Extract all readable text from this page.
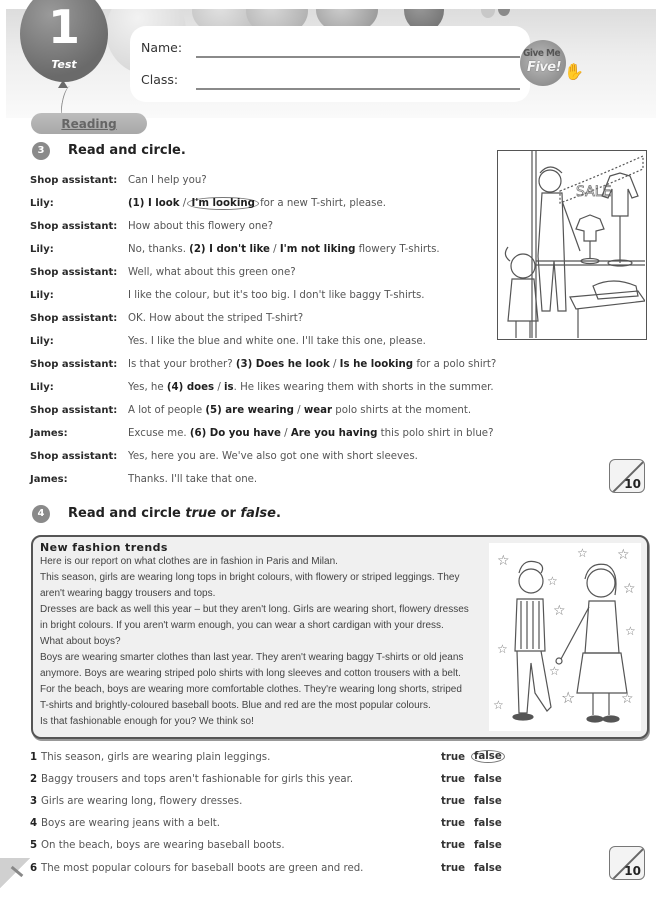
1
Test
Name:
Class:
Give Me
Five! ✋
Reading
3	Read and circle.
Shop assistant: Can I help you?
Lily:	(1) I look / I'm looking for a new T-shirt, please.
Shop assistant: How about this flowery one?
Lily:	No, thanks. (2) I don't like / I'm not liking flowery T-shirts.
Shop assistant: Well, what about this green one?
Lily:	I like the colour, but it's too big. I don't like baggy T-shirts.
Shop assistant: OK. How about the striped T-shirt?
Lily:	Yes. I like the blue and white one. I'll take this one, please.
Shop assistant: Is that your brother? (3) Does he look / Is he looking for a polo shirt?
Lily:	Yes, he (4) does / is. He likes wearing them with shorts in the summer.
Shop assistant: A lot of people (5) are wearing / wear polo shirts at the moment.
James:	Excuse me. (6) Do you have / Are you having this polo shirt in blue?
Shop assistant: Yes, here you are. We've also got one with short sleeves.
James:	Thanks. I'll take that one.
SALE
10
4	Read and circle true or false.
New fashion trends
Here is our report on what clothes are in fashion in Paris and Milan.
This season, girls are wearing long tops in bright colours, with flowery or striped leggings. They
aren't wearing baggy trousers and tops.
Dresses are back as well this year – but they aren't long. Girls are wearing short, flowery dresses
in bright colours. If you aren't warm enough, you can wear a short cardigan with your dress.
What about boys?
Boys are wearing smarter clothes than last year. They aren't wearing baggy T-shirts or old jeans
anymore. Boys are wearing striped polo shirts with long sleeves and cotton trousers with a belt.
For the beach, boys are wearing more comfortable clothes. They're wearing long shorts, striped
T-shirts and brightly-coloured baseball boots. Blue and red are the most popular colours.
Is that fashionable enough for you? We think so!
☆
☆
☆
☆ ☆
☆
☆
☆
☆
☆	☆
☆
1 This season, girls are wearing plain leggings.	true false
2 Baggy trousers and tops aren't fashionable for girls this year.	true false
3 Girls are wearing long, flowery dresses.	true false
4 Boys are wearing jeans with a belt.	true false
5 On the beach, boys are wearing baseball boots.	true false
6 The most popular colours for baseball boots are green and red.	true false	10
